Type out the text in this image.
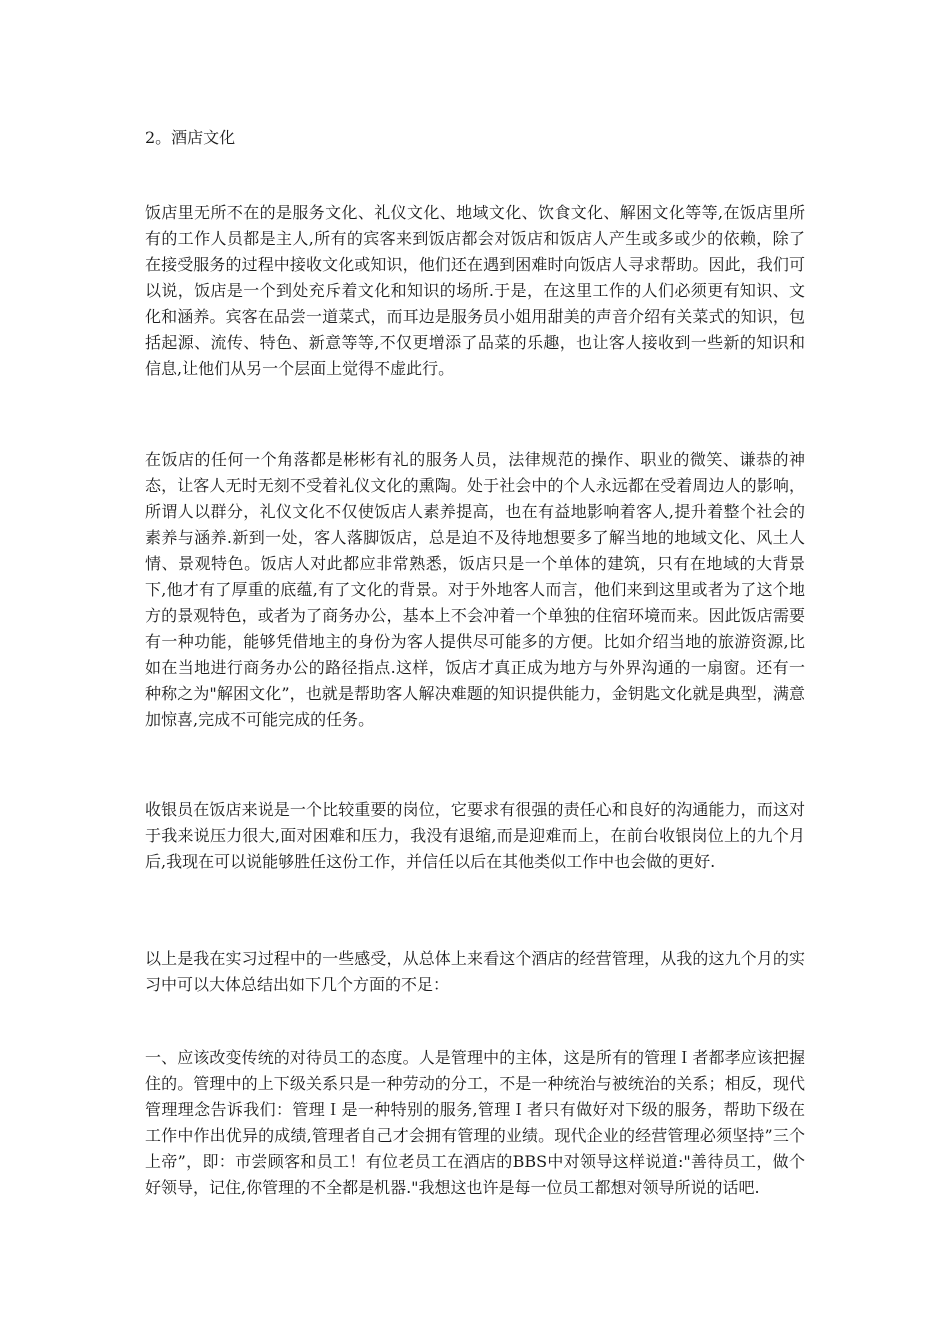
2。酒店文化

饭店里无所不在的是服务文化、礼仪文化、地域文化、饮食文化、解困文化等等,在饭店里所有的工作人员都是主人,所有的宾客来到饭店都会对饭店和饭店人产生或多或少的依赖，除了在接受服务的过程中接收文化或知识，他们还在遇到困难时向饭店人寻求帮助。因此，我们可以说，饭店是一个到处充斥着文化和知识的场所.于是，在这里工作的人们必须更有知识、文化和涵养。宾客在品尝一道菜式，而耳边是服务员小姐用甜美的声音介绍有关菜式的知识，包括起源、流传、特色、新意等等,不仅更增添了品菜的乐趣，也让客人接收到一些新的知识和信息,让他们从另一个层面上觉得不虚此行。

在饭店的任何一个角落都是彬彬有礼的服务人员，法律规范的操作、职业的微笑、谦恭的神态，让客人无时无刻不受着礼仪文化的熏陶。处于社会中的个人永远都在受着周边人的影响，所谓人以群分，礼仪文化不仅使饭店人素养提高，也在有益地影响着客人,提升着整个社会的素养与涵养.新到一处，客人落脚饭店，总是迫不及待地想要多了解当地的地域文化、风土人情、景观特色。饭店人对此都应非常熟悉，饭店只是一个单体的建筑，只有在地域的大背景下,他才有了厚重的底蕴,有了文化的背景。对于外地客人而言，他们来到这里或者为了这个地方的景观特色，或者为了商务办公，基本上不会冲着一个单独的住宿环境而来。因此饭店需要有一种功能，能够凭借地主的身份为客人提供尽可能多的方便。比如介绍当地的旅游资源,比如在当地进行商务办公的路径指点.这样，饭店才真正成为地方与外界沟通的一扇窗。还有一种称之为"解困文化”，也就是帮助客人解决难题的知识提供能力，金钥匙文化就是典型，满意加惊喜,完成不可能完成的任务。

收银员在饭店来说是一个比较重要的岗位，它要求有很强的责任心和良好的沟通能力，而这对于我来说压力很大,面对困难和压力，我没有退缩,而是迎难而上，在前台收银岗位上的九个月后,我现在可以说能够胜任这份工作，并信任以后在其他类似工作中也会做的更好.

以上是我在实习过程中的一些感受，从总体上来看这个酒店的经营管理，从我的这九个月的实习中可以大体总结出如下几个方面的不足：

一、应该改变传统的对待员工的态度。人是管理中的主体，这是所有的管理Ｉ者都孝应该把握住的。管理中的上下级关系只是一种劳动的分工，不是一种统治与被统治的关系；相反，现代管理理念告诉我们：管理Ｉ是一种特别的服务,管理Ｉ者只有做好对下级的服务，帮助下级在工作中作出优异的成绩,管理者自己才会拥有管理的业绩。现代企业的经营管理必须坚持”三个上帝”，即：市尝顾客和员工！有位老员工在酒店的BBS中对领导这样说道:"善待员工，做个好领导，记住,你管理的不全都是机器."我想这也许是每一位员工都想对领导所说的话吧.
